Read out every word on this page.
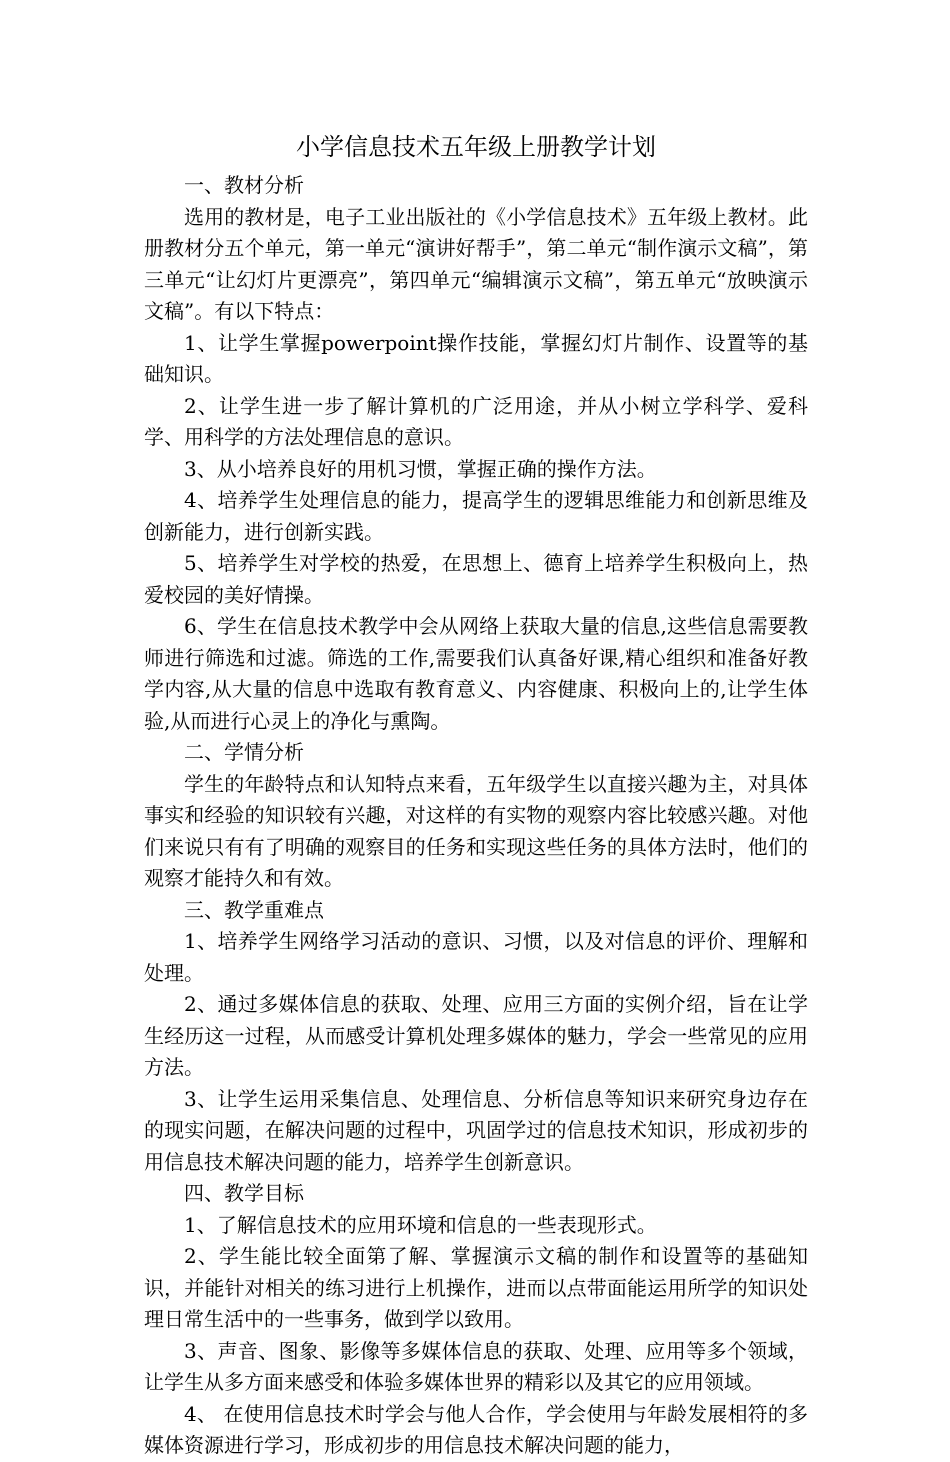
小学信息技术五年级上册教学计划

一、教材分析

选用的教材是，电子工业出版社的《小学信息技术》五年级上教材。此册教材分五个单元，第一单元“演讲好帮手”，第二单元“制作演示文稿”，第三单元“让幻灯片更漂亮”，第四单元“编辑演示文稿”，第五单元“放映演示文稿”。有以下特点：

1、让学生掌握powerpoint操作技能，掌握幻灯片制作、设置等的基础知识。

2、让学生进一步了解计算机的广泛用途，并从小树立学科学、爱科学、用科学的方法处理信息的意识。

3、从小培养良好的用机习惯，掌握正确的操作方法。

4、培养学生处理信息的能力，提高学生的逻辑思维能力和创新思维及创新能力，进行创新实践。

5、培养学生对学校的热爱，在思想上、德育上培养学生积极向上，热爱校园的美好情操。

6、学生在信息技术教学中会从网络上获取大量的信息,这些信息需要教师进行筛选和过滤。筛选的工作,需要我们认真备好课,精心组织和准备好教学内容,从大量的信息中选取有教育意义、内容健康、积极向上的,让学生体验,从而进行心灵上的净化与熏陶。

二、学情分析

学生的年龄特点和认知特点来看，五年级学生以直接兴趣为主，对具体事实和经验的知识较有兴趣，对这样的有实物的观察内容比较感兴趣。对他们来说只有有了明确的观察目的任务和实现这些任务的具体方法时，他们的观察才能持久和有效。

三、教学重难点

1、培养学生网络学习活动的意识、习惯，以及对信息的评价、理解和处理。

2、通过多媒体信息的获取、处理、应用三方面的实例介绍，旨在让学生经历这一过程，从而感受计算机处理多媒体的魅力，学会一些常见的应用方法。

3、让学生运用采集信息、处理信息、分析信息等知识来研究身边存在的现实问题，在解决问题的过程中，巩固学过的信息技术知识，形成初步的用信息技术解决问题的能力，培养学生创新意识。

四、教学目标

1、了解信息技术的应用环境和信息的一些表现形式。

2、学生能比较全面第了解、掌握演示文稿的制作和设置等的基础知识，并能针对相关的练习进行上机操作，进而以点带面能运用所学的知识处理日常生活中的一些事务，做到学以致用。

3、声音、图象、影像等多媒体信息的获取、处理、应用等多个领域，让学生从多方面来感受和体验多媒体世界的精彩以及其它的应用领域。

4、 在使用信息技术时学会与他人合作，学会使用与年龄发展相符的多媒体资源进行学习，形成初步的用信息技术解决问题的能力，
